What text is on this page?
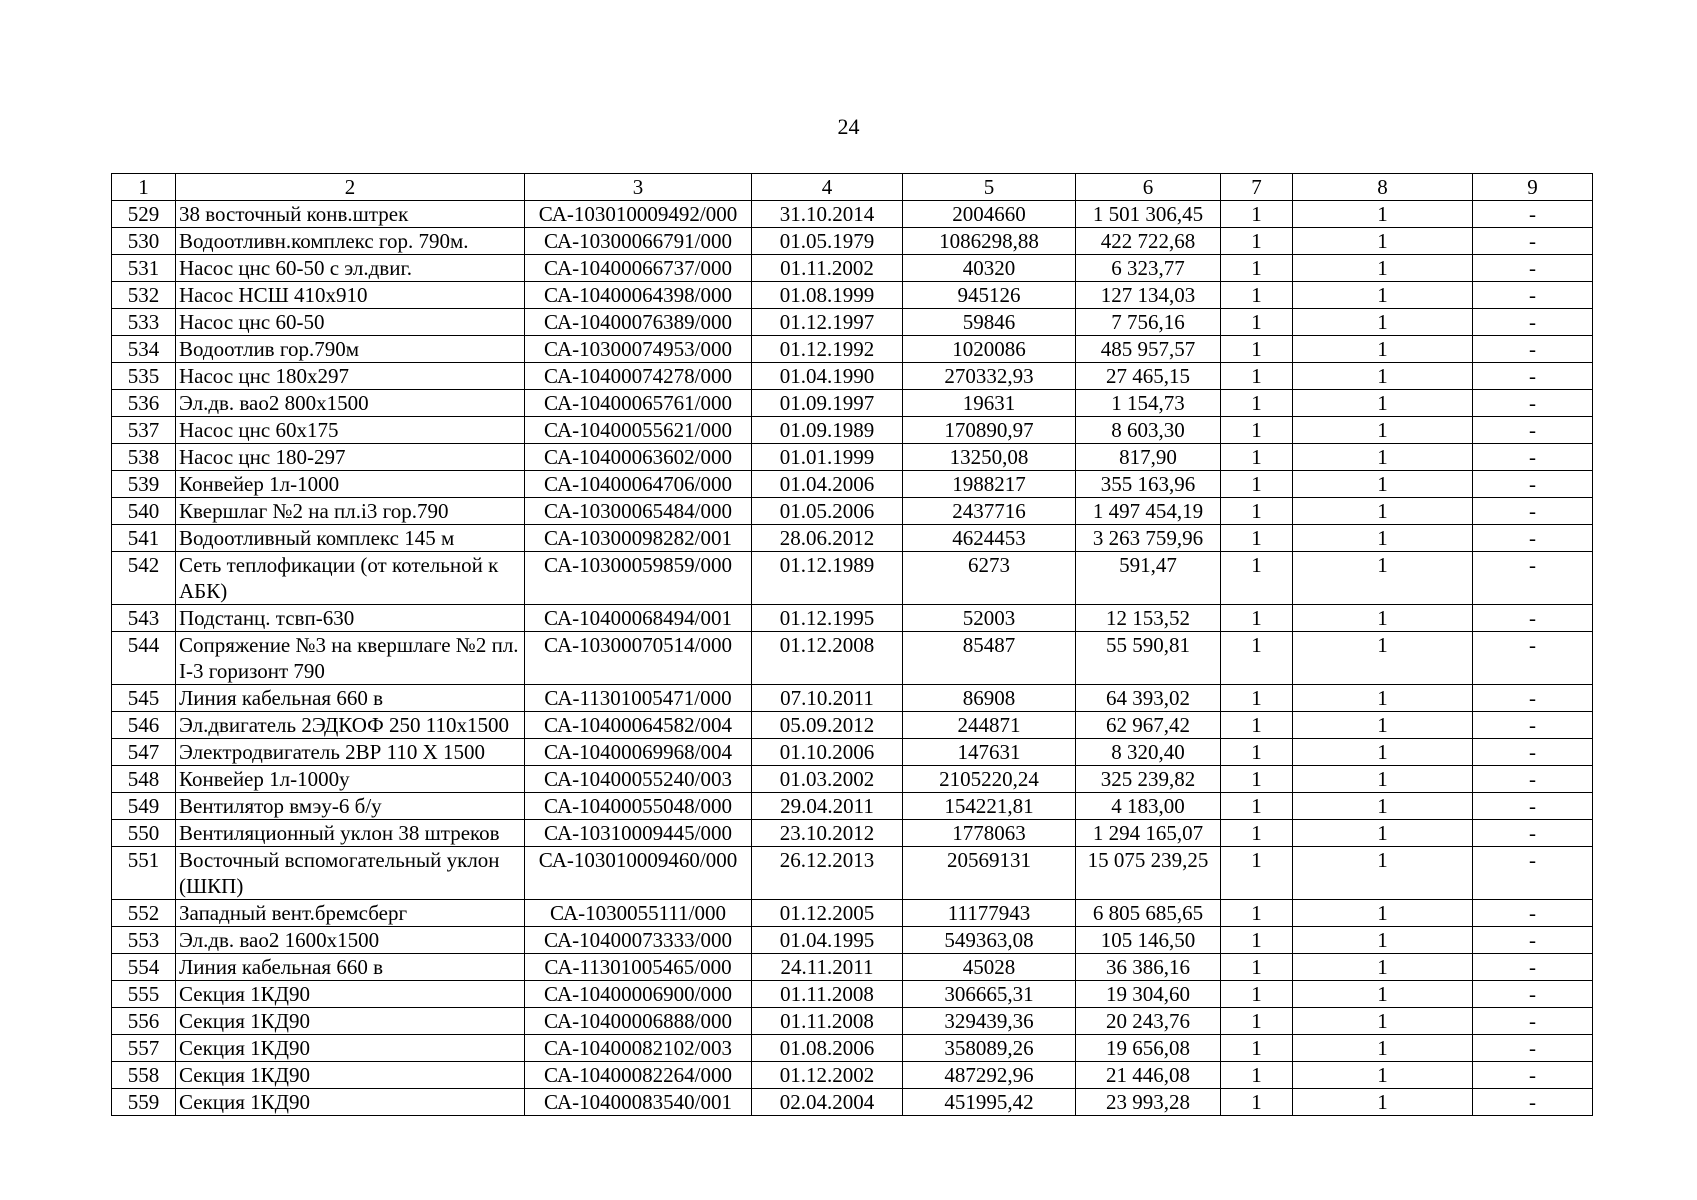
24
1	2	3	4	5	6	7	8	9
529	38 восточный конв.штрек	СА-103010009492/000	31.10.2014	2004660	1 501 306,45	1	1	-
530	Водоотливн.комплекс гор. 790м.	СА-10300066791/000	01.05.1979	1086298,88	422 722,68	1	1	-
531	Насос цнс 60-50 с эл.двиг.	СА-10400066737/000	01.11.2002	40320	6 323,77	1	1	-
532	Насос НСШ 410х910	СА-10400064398/000	01.08.1999	945126	127 134,03	1	1	-
533	Насос цнс 60-50	СА-10400076389/000	01.12.1997	59846	7 756,16	1	1	-
534	Водоотлив гор.790м	СА-10300074953/000	01.12.1992	1020086	485 957,57	1	1	-
535	Насос цнс 180х297	СА-10400074278/000	01.04.1990	270332,93	27 465,15	1	1	-
536	Эл.дв. вао2 800х1500	СА-10400065761/000	01.09.1997	19631	1 154,73	1	1	-
537	Насос цнс 60х175	СА-10400055621/000	01.09.1989	170890,97	8 603,30	1	1	-
538	Насос цнс 180-297	СА-10400063602/000	01.01.1999	13250,08	817,90	1	1	-
539	Конвейер 1л-1000	СА-10400064706/000	01.04.2006	1988217	355 163,96	1	1	-
540	Квершлаг №2 на пл.і3 гор.790	СА-10300065484/000	01.05.2006	2437716	1 497 454,19	1	1	-
541	Водоотливный комплекс 145 м	СА-10300098282/001	28.06.2012	4624453	3 263 759,96	1	1	-
542	Сеть теплофикации (от котельной к АБК)	СА-10300059859/000	01.12.1989	6273	591,47	1	1	-
543	Подстанц. тсвп-630	СА-10400068494/001	01.12.1995	52003	12 153,52	1	1	-
544	Сопряжение №3 на квершлаге №2 пл. І-3 горизонт 790	СА-10300070514/000	01.12.2008	85487	55 590,81	1	1	-
545	Линия кабельная 660 в	СА-11301005471/000	07.10.2011	86908	64 393,02	1	1	-
546	Эл.двигатель 2ЭДКОФ 250 110х1500	СА-10400064582/004	05.09.2012	244871	62 967,42	1	1	-
547	Электродвигатель 2ВР 110 Х 1500	СА-10400069968/004	01.10.2006	147631	8 320,40	1	1	-
548	Конвейер 1л-1000у	СА-10400055240/003	01.03.2002	2105220,24	325 239,82	1	1	-
549	Вентилятор вмэу-6 б/у	СА-10400055048/000	29.04.2011	154221,81	4 183,00	1	1	-
550	Вентиляционный уклон 38 штреков	СА-10310009445/000	23.10.2012	1778063	1 294 165,07	1	1	-
551	Восточный вспомогательный уклон (ШКП)	СА-103010009460/000	26.12.2013	20569131	15 075 239,25	1	1	-
552	Западный вент.бремсберг	СА-1030055111/000	01.12.2005	11177943	6 805 685,65	1	1	-
553	Эл.дв. вао2 1600х1500	СА-10400073333/000	01.04.1995	549363,08	105 146,50	1	1	-
554	Линия кабельная 660 в	СА-11301005465/000	24.11.2011	45028	36 386,16	1	1	-
555	Секция 1КД90	СА-10400006900/000	01.11.2008	306665,31	19 304,60	1	1	-
556	Секция 1КД90	СА-10400006888/000	01.11.2008	329439,36	20 243,76	1	1	-
557	Секция 1КД90	СА-10400082102/003	01.08.2006	358089,26	19 656,08	1	1	-
558	Секция 1КД90	СА-10400082264/000	01.12.2002	487292,96	21 446,08	1	1	-
559	Секция 1КД90	СА-10400083540/001	02.04.2004	451995,42	23 993,28	1	1	-
